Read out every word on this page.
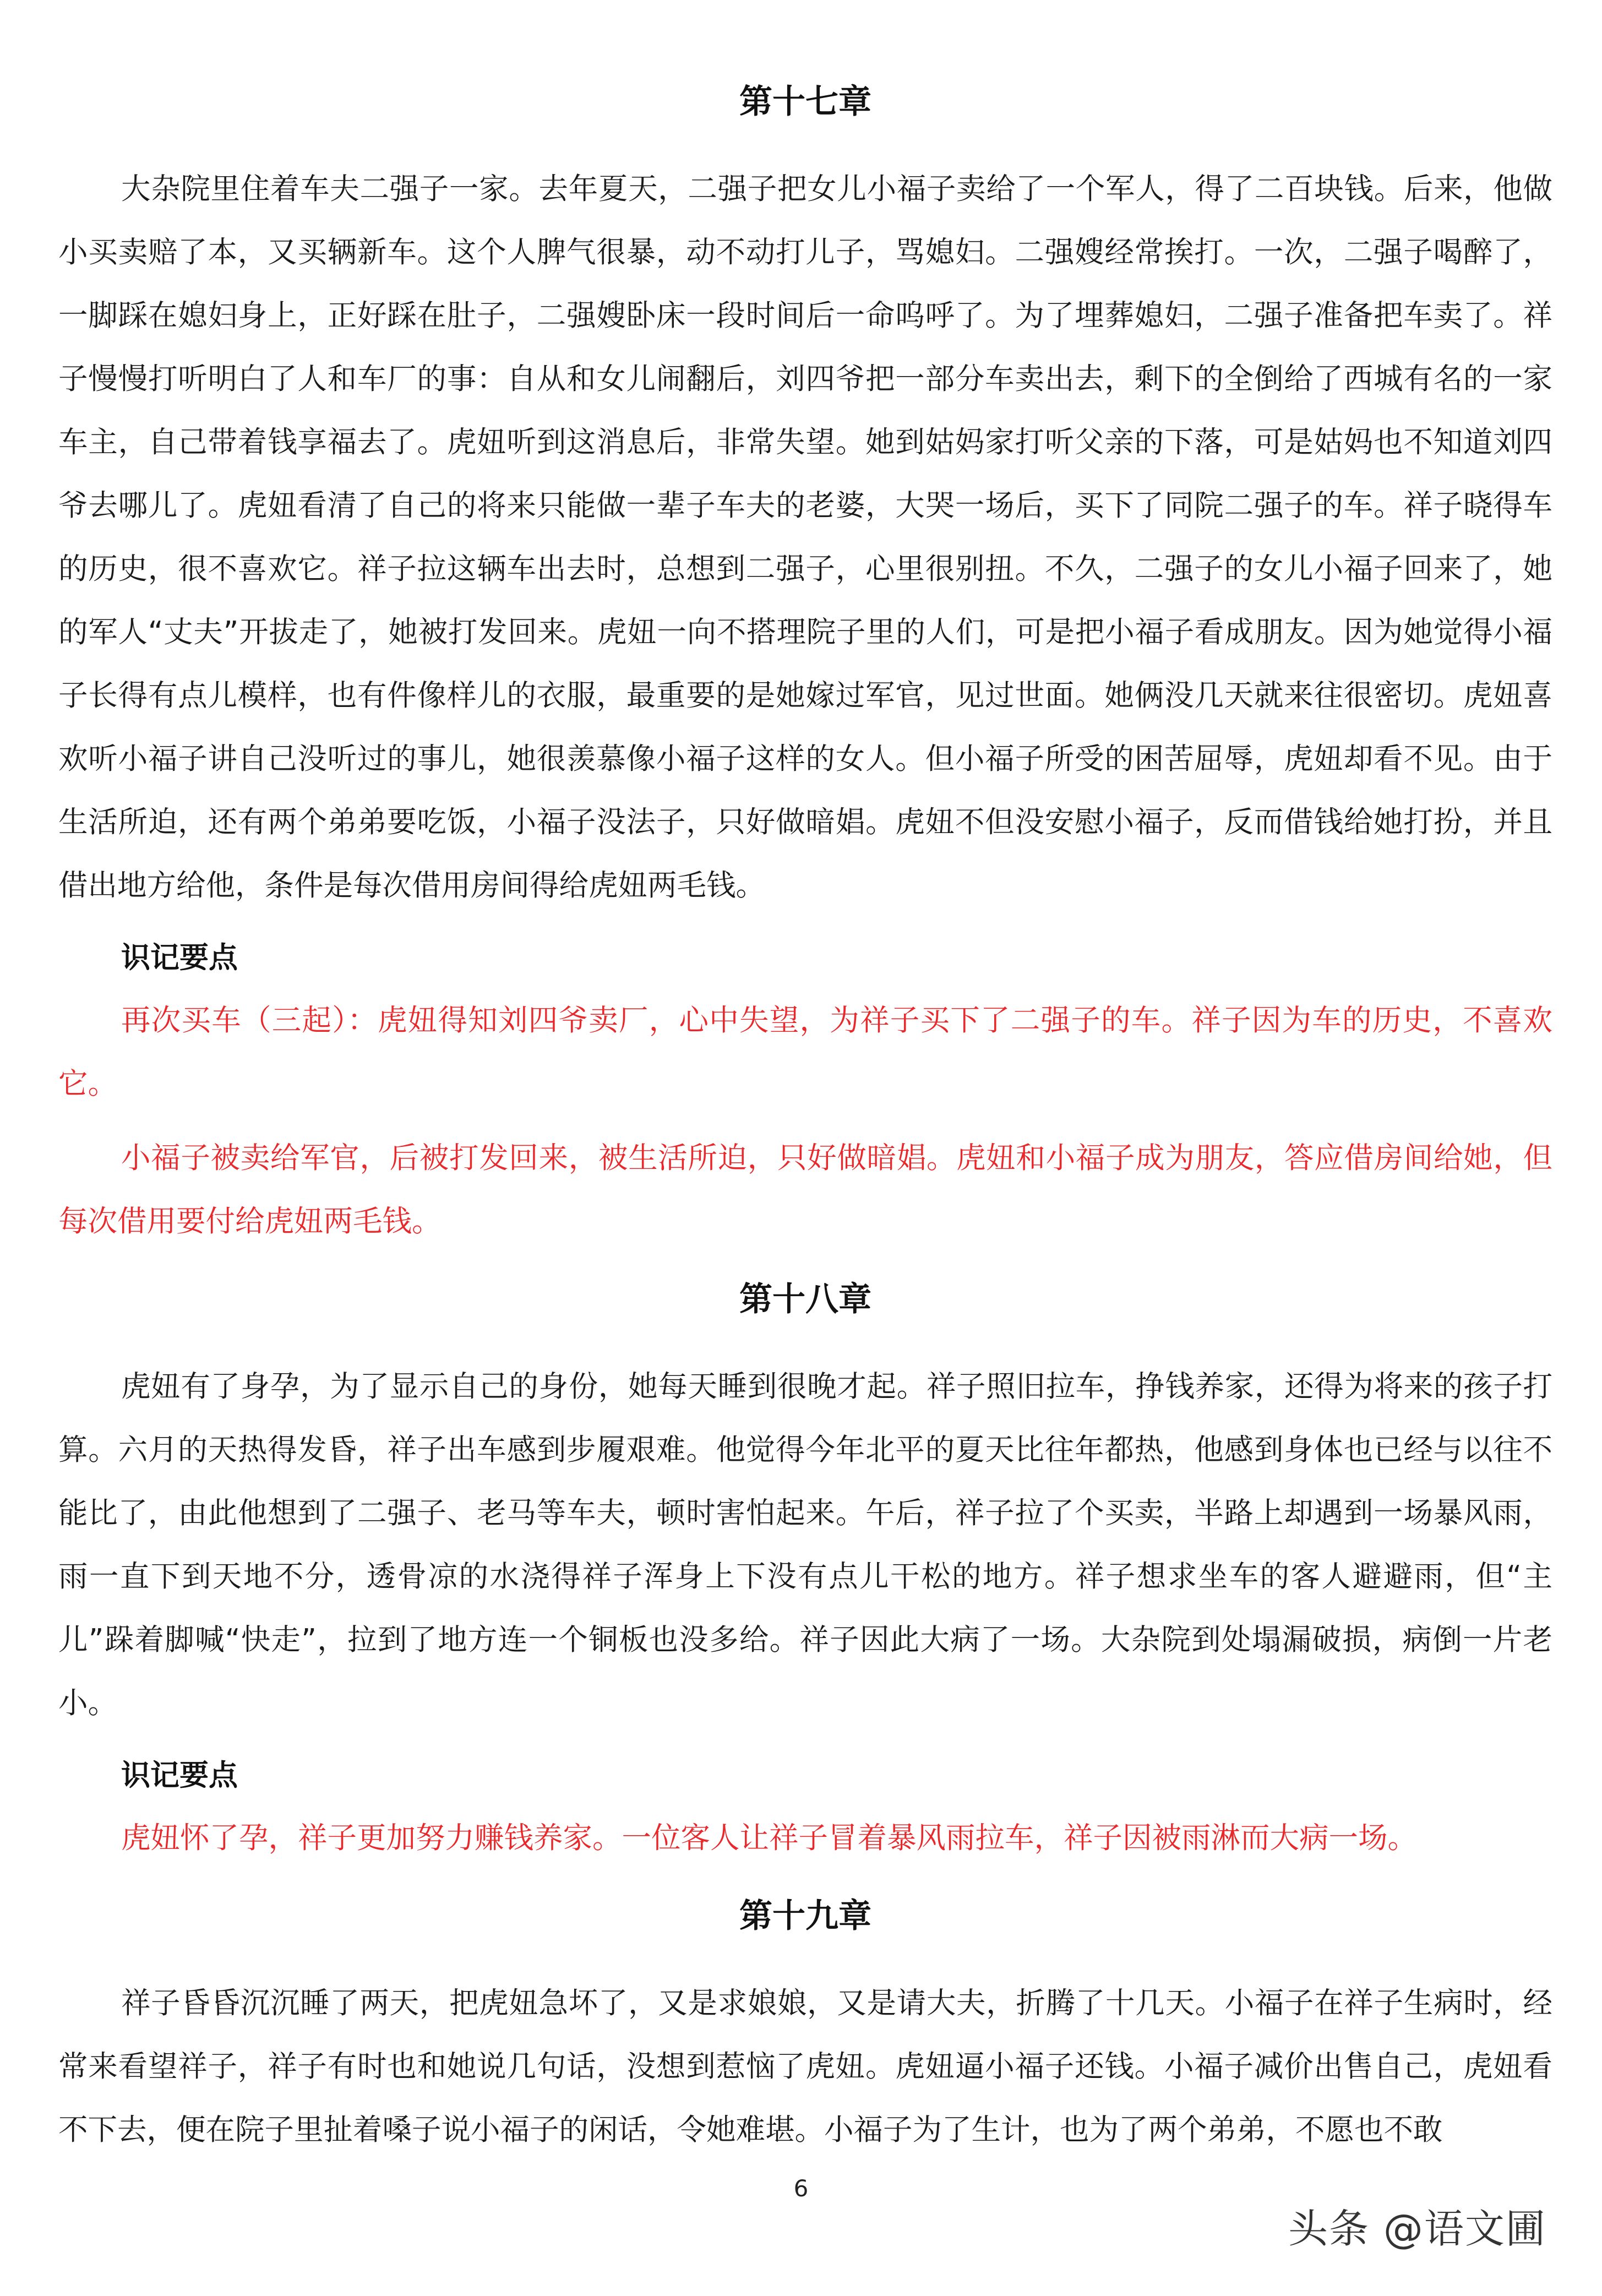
第十七章

大杂院里住着车夫二强子一家。去年夏天，二强子把女儿小福子卖给了一个军人，得了二百块钱。后来，他做小买卖赔了本，又买辆新车。这个人脾气很暴，动不动打儿子，骂媳妇。二强嫂经常挨打。一次，二强子喝醉了，一脚踩在媳妇身上，正好踩在肚子，二强嫂卧床一段时间后一命呜呼了。为了埋葬媳妇，二强子准备把车卖了。祥子慢慢打听明白了人和车厂的事：自从和女儿闹翻后，刘四爷把一部分车卖出去，剩下的全倒给了西城有名的一家车主，自己带着钱享福去了。虎妞听到这消息后，非常失望。她到姑妈家打听父亲的下落，可是姑妈也不知道刘四爷去哪儿了。虎妞看清了自己的将来只能做一辈子车夫的老婆，大哭一场后，买下了同院二强子的车。祥子晓得车的历史，很不喜欢它。祥子拉这辆车出去时，总想到二强子，心里很别扭。不久，二强子的女儿小福子回来了，她的军人“丈夫”开拔走了，她被打发回来。虎妞一向不搭理院子里的人们，可是把小福子看成朋友。因为她觉得小福子长得有点儿模样，也有件像样儿的衣服，最重要的是她嫁过军官，见过世面。她俩没几天就来往很密切。虎妞喜欢听小福子讲自己没听过的事儿，她很羡慕像小福子这样的女人。但小福子所受的困苦屈辱，虎妞却看不见。由于生活所迫，还有两个弟弟要吃饭，小福子没法子，只好做暗娼。虎妞不但没安慰小福子，反而借钱给她打扮，并且借出地方给他，条件是每次借用房间得给虎妞两毛钱。

识记要点

再次买车（三起）：虎妞得知刘四爷卖厂，心中失望，为祥子买下了二强子的车。祥子因为车的历史，不喜欢它。

小福子被卖给军官，后被打发回来，被生活所迫，只好做暗娼。虎妞和小福子成为朋友，答应借房间给她，但每次借用要付给虎妞两毛钱。

第十八章

虎妞有了身孕，为了显示自己的身份，她每天睡到很晚才起。祥子照旧拉车，挣钱养家，还得为将来的孩子打算。六月的天热得发昏，祥子出车感到步履艰难。他觉得今年北平的夏天比往年都热，他感到身体也已经与以往不能比了，由此他想到了二强子、老马等车夫，顿时害怕起来。午后，祥子拉了个买卖，半路上却遇到一场暴风雨，雨一直下到天地不分，透骨凉的水浇得祥子浑身上下没有点儿干松的地方。祥子想求坐车的客人避避雨，但“主儿”跺着脚喊“快走”，拉到了地方连一个铜板也没多给。祥子因此大病了一场。大杂院到处塌漏破损，病倒一片老小。

识记要点

虎妞怀了孕，祥子更加努力赚钱养家。一位客人让祥子冒着暴风雨拉车，祥子因被雨淋而大病一场。

第十九章

祥子昏昏沉沉睡了两天，把虎妞急坏了，又是求娘娘，又是请大夫，折腾了十几天。小福子在祥子生病时，经常来看望祥子，祥子有时也和她说几句话，没想到惹恼了虎妞。虎妞逼小福子还钱。小福子减价出售自己，虎妞看不下去，便在院子里扯着嗓子说小福子的闲话，令她难堪。小福子为了生计，也为了两个弟弟，不愿也不敢

6
头条 @语文圃
